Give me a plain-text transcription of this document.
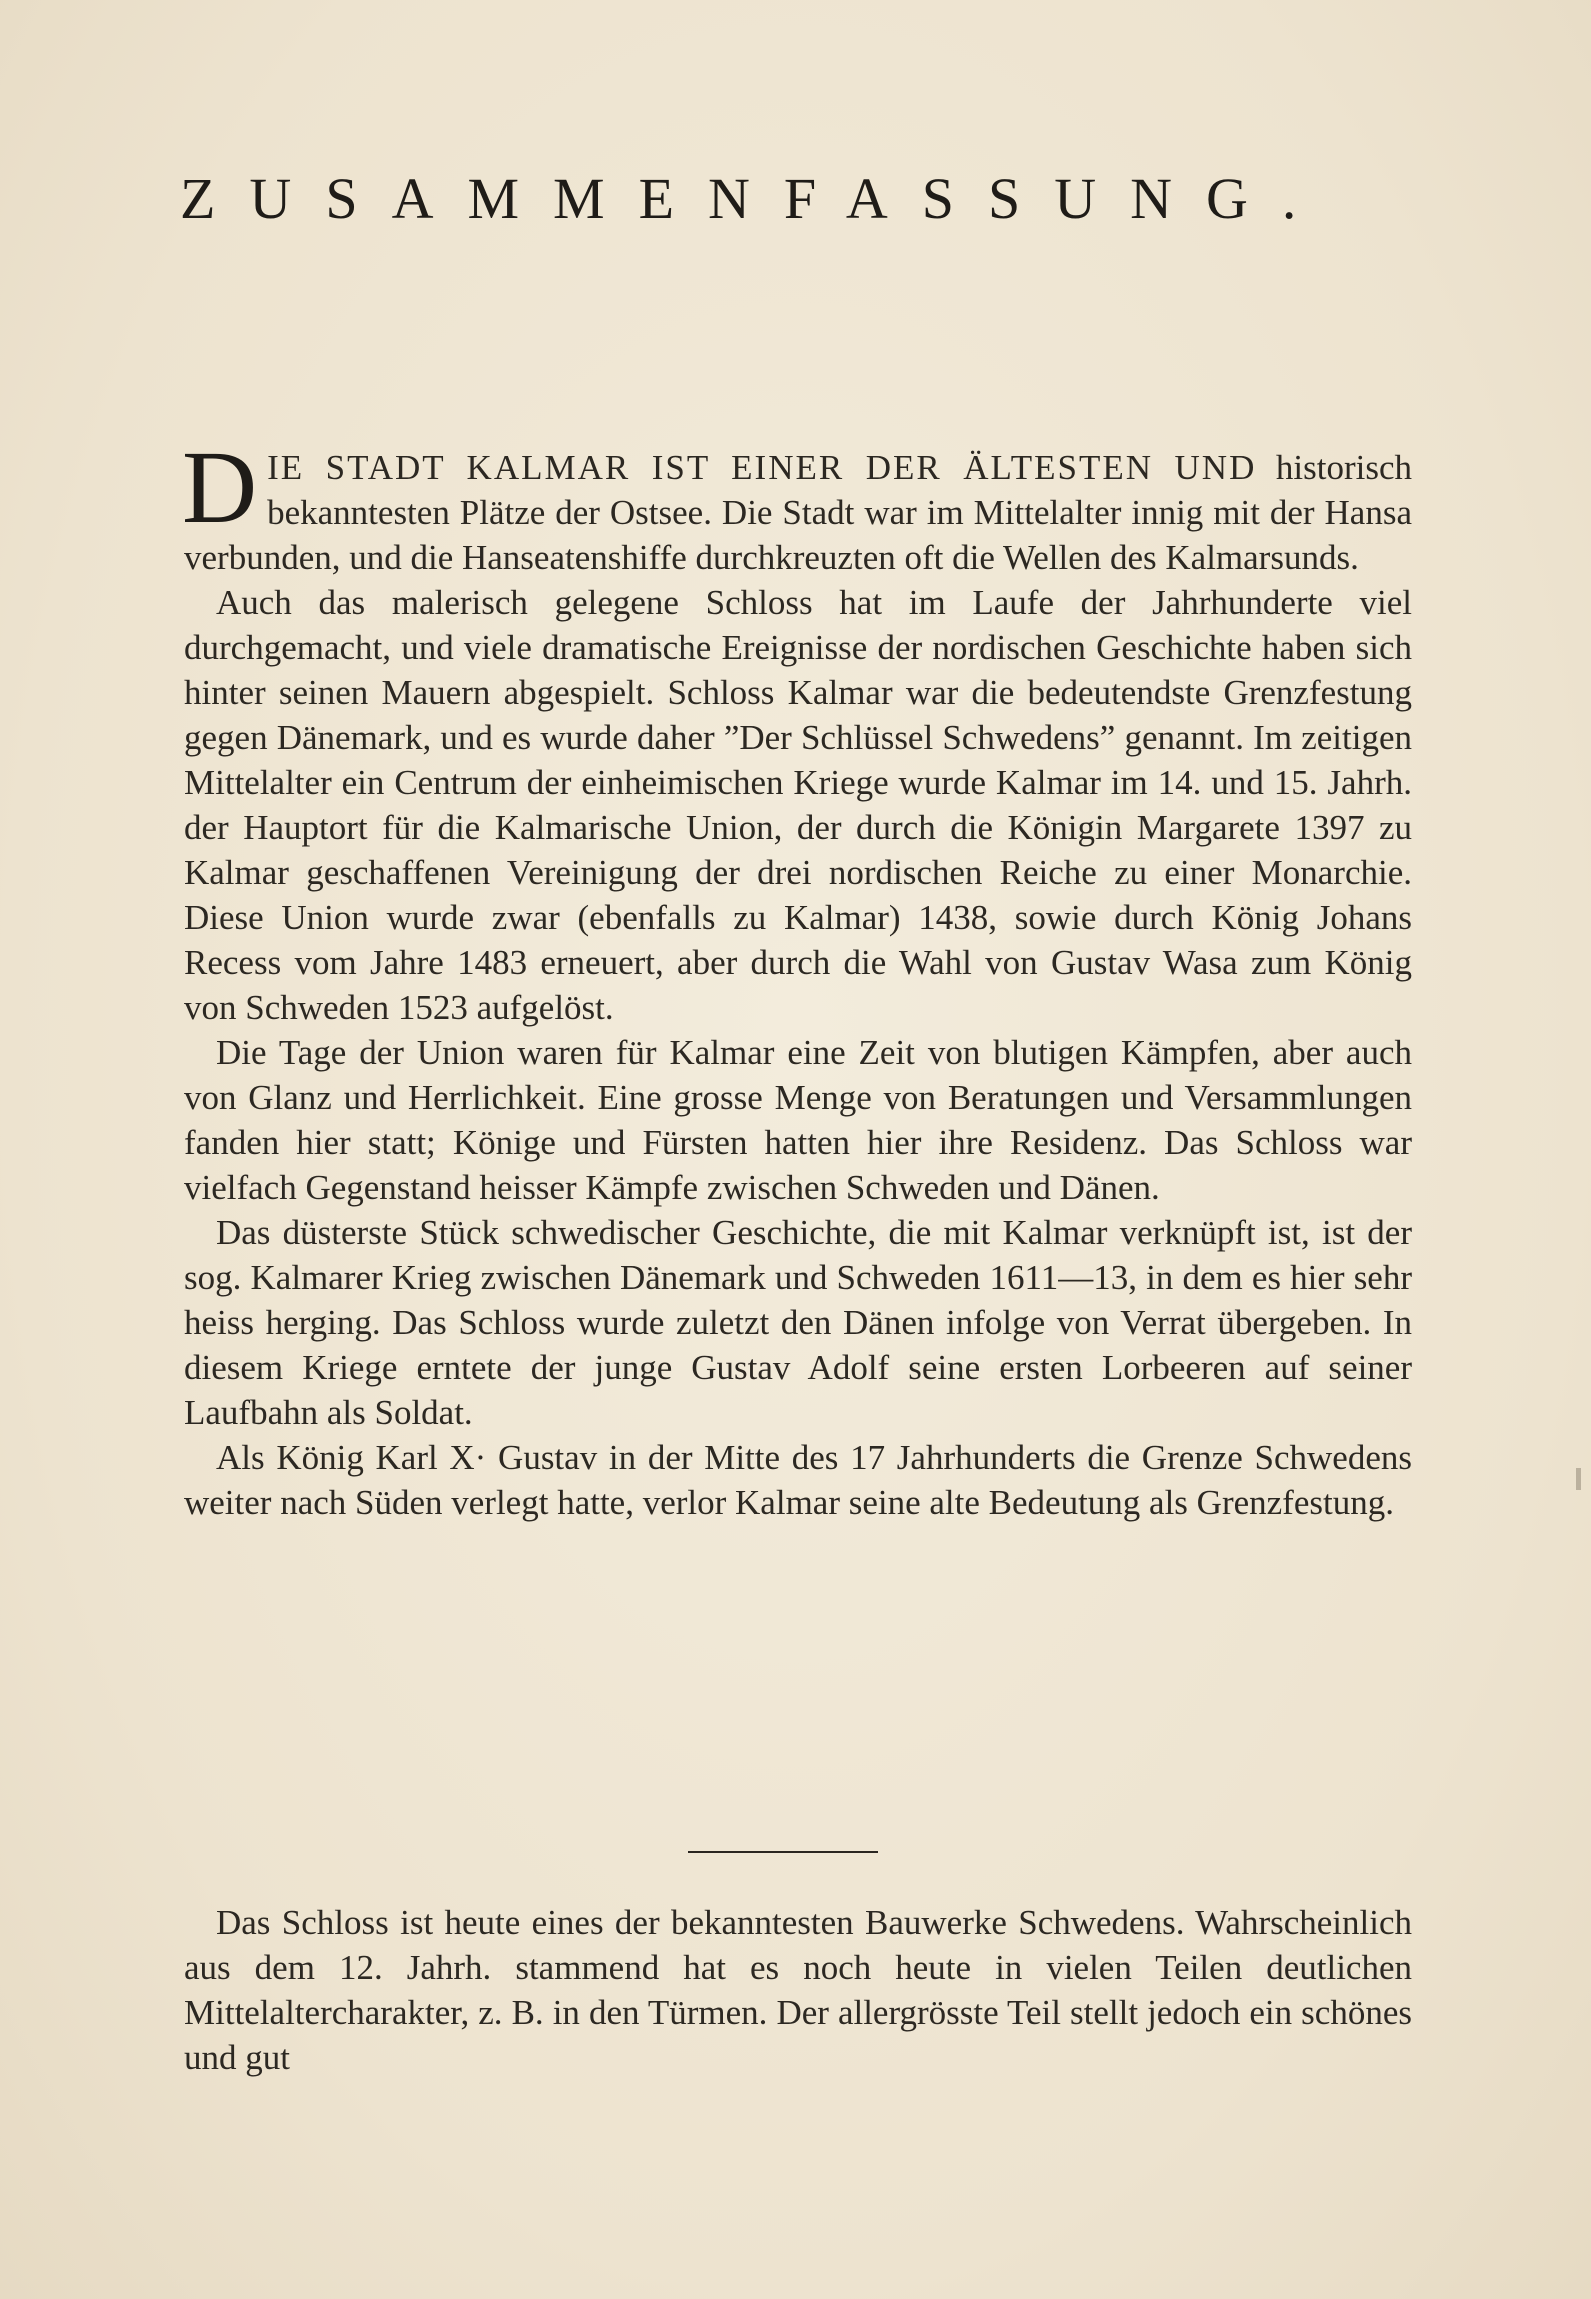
ZUSAMMENFASSUNG.

D IE STADT KALMAR IST EINER DER ÄLTESTEN UND historisch bekanntesten Plätze der Ostsee. Die Stadt war im Mittelalter innig mit der Hansa verbunden, und die Hanseatenshiffe durchkreuzten oft die Wellen des Kalmarsunds.

Auch das malerisch gelegene Schloss hat im Laufe der Jahrhunderte viel durchgemacht, und viele dramatische Ereignisse der nordischen Geschichte haben sich hinter seinen Mauern abgespielt. Schloss Kalmar war die bedeutendste Grenzfestung gegen Dänemark, und es wurde daher ”Der Schlüssel Schwedens” genannt. Im zeitigen Mittelalter ein Centrum der einheimischen Kriege wurde Kalmar im 14. und 15. Jahrh. der Hauptort für die Kalmarische Union, der durch die Königin Margarete 1397 zu Kalmar geschaffenen Vereinigung der drei nordischen Reiche zu einer Monarchie. Diese Union wurde zwar (ebenfalls zu Kalmar) 1438, sowie durch König Johans Recess vom Jahre 1483 erneuert, aber durch die Wahl von Gustav Wasa zum König von Schweden 1523 aufgelöst.

Die Tage der Union waren für Kalmar eine Zeit von blutigen Kämpfen, aber auch von Glanz und Herrlichkeit. Eine grosse Menge von Beratungen und Versammlungen fanden hier statt; Könige und Fürsten hatten hier ihre Residenz. Das Schloss war vielfach Gegenstand heisser Kämpfe zwischen Schweden und Dänen.

Das düsterste Stück schwedischer Geschichte, die mit Kalmar verknüpft ist, ist der sog. Kalmarer Krieg zwischen Dänemark und Schweden 1611—13, in dem es hier sehr heiss herging. Das Schloss wurde zuletzt den Dänen infolge von Verrat übergeben. In diesem Kriege erntete der junge Gustav Adolf seine ersten Lorbeeren auf seiner Laufbahn als Soldat.

Als König Karl X· Gustav in der Mitte des 17 Jahrhunderts die Grenze Schwedens weiter nach Süden verlegt hatte, verlor Kalmar seine alte Bedeutung als Grenzfestung.

Das Schloss ist heute eines der bekanntesten Bauwerke Schwedens. Wahrscheinlich aus dem 12. Jahrh. stammend hat es noch heute in vielen Teilen deutlichen Mittelaltercharakter, z. B. in den Türmen. Der allergrösste Teil stellt jedoch ein schönes und gut
